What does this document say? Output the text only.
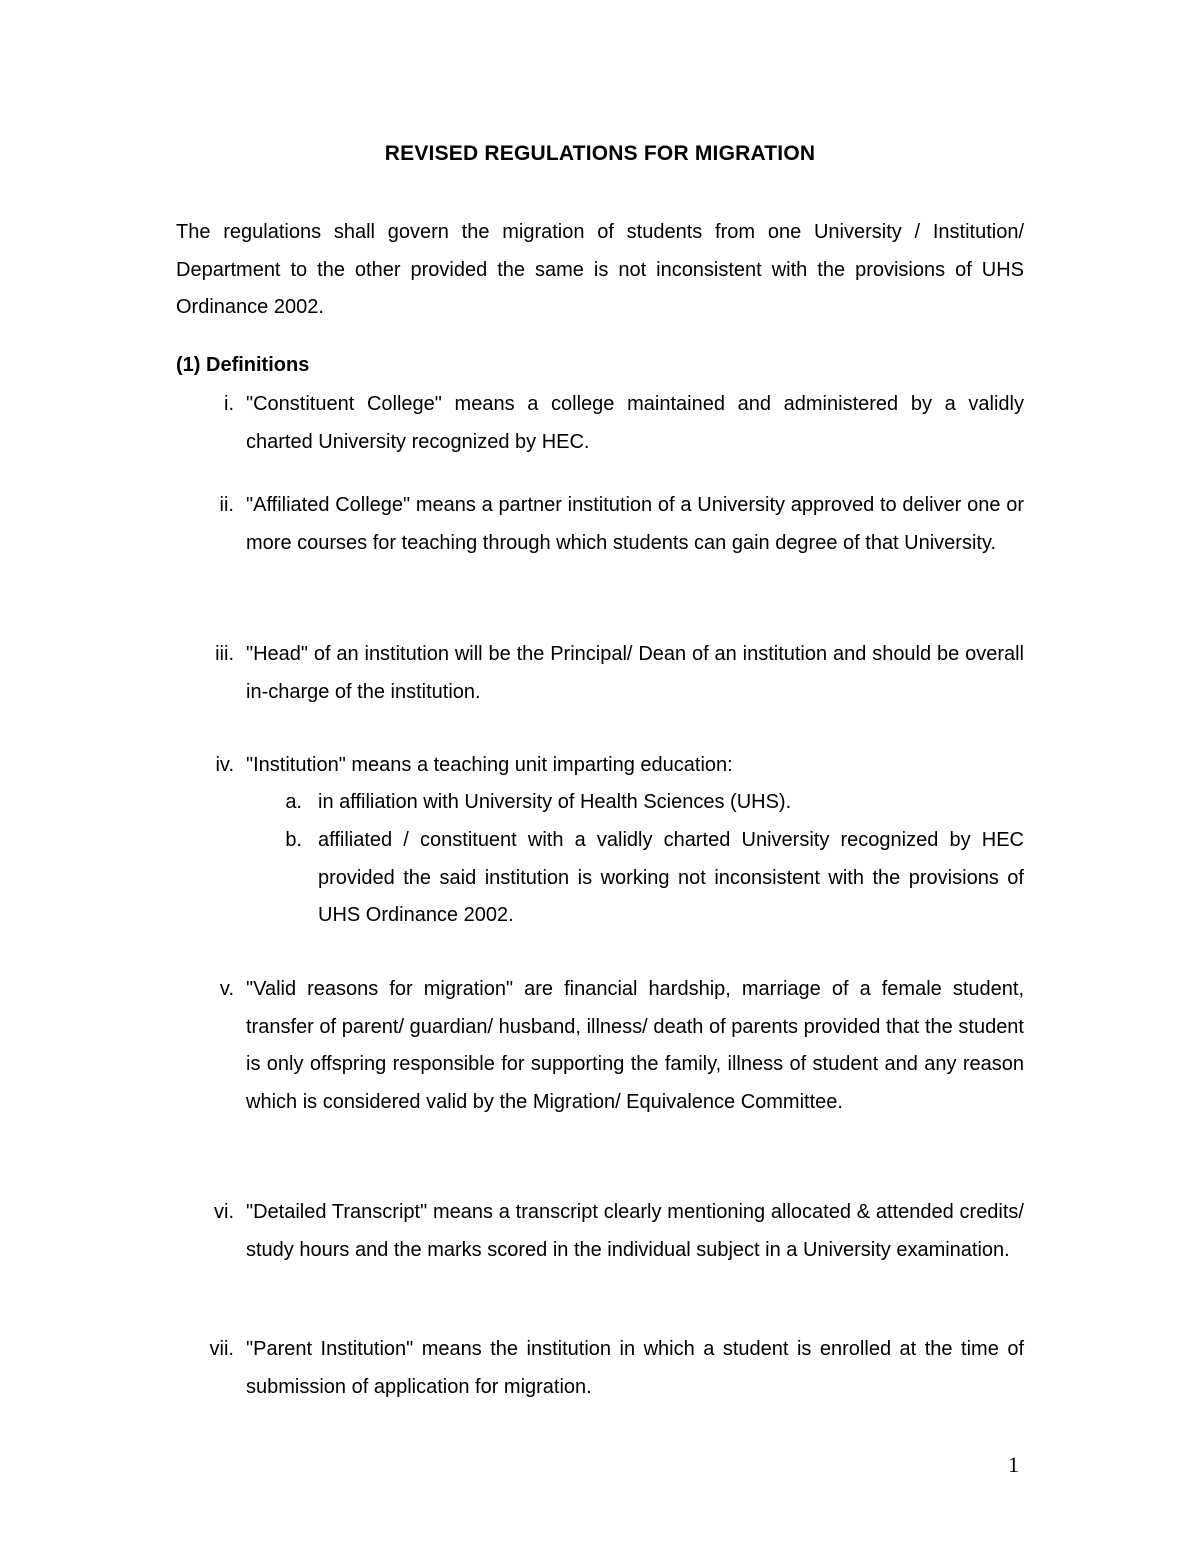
REVISED REGULATIONS FOR MIGRATION
The regulations shall govern the migration of students from one University / Institution/ Department to the other provided the same is not inconsistent with the provisions of UHS Ordinance 2002.
(1) Definitions
i. "Constituent College" means a college maintained and administered by a validly charted University recognized by HEC.
ii. "Affiliated College" means a partner institution of a University approved to deliver one or more courses for teaching through which students can gain degree of that University.
iii. "Head" of an institution will be the Principal/ Dean of an institution and should be overall in-charge of the institution.
iv. "Institution" means a teaching unit imparting education:
a. in affiliation with University of Health Sciences (UHS).
b. affiliated / constituent with a validly charted University recognized by HEC provided the said institution is working not inconsistent with the provisions of UHS Ordinance 2002.
v. "Valid reasons for migration" are financial hardship, marriage of a female student, transfer of parent/ guardian/ husband, illness/ death of parents provided that the student is only offspring responsible for supporting the family, illness of student and any reason which is considered valid by the Migration/ Equivalence Committee.
vi. "Detailed Transcript" means a transcript clearly mentioning allocated & attended credits/ study hours and the marks scored in the individual subject in a University examination.
vii. "Parent Institution" means the institution in which a student is enrolled at the time of submission of application for migration.
1
